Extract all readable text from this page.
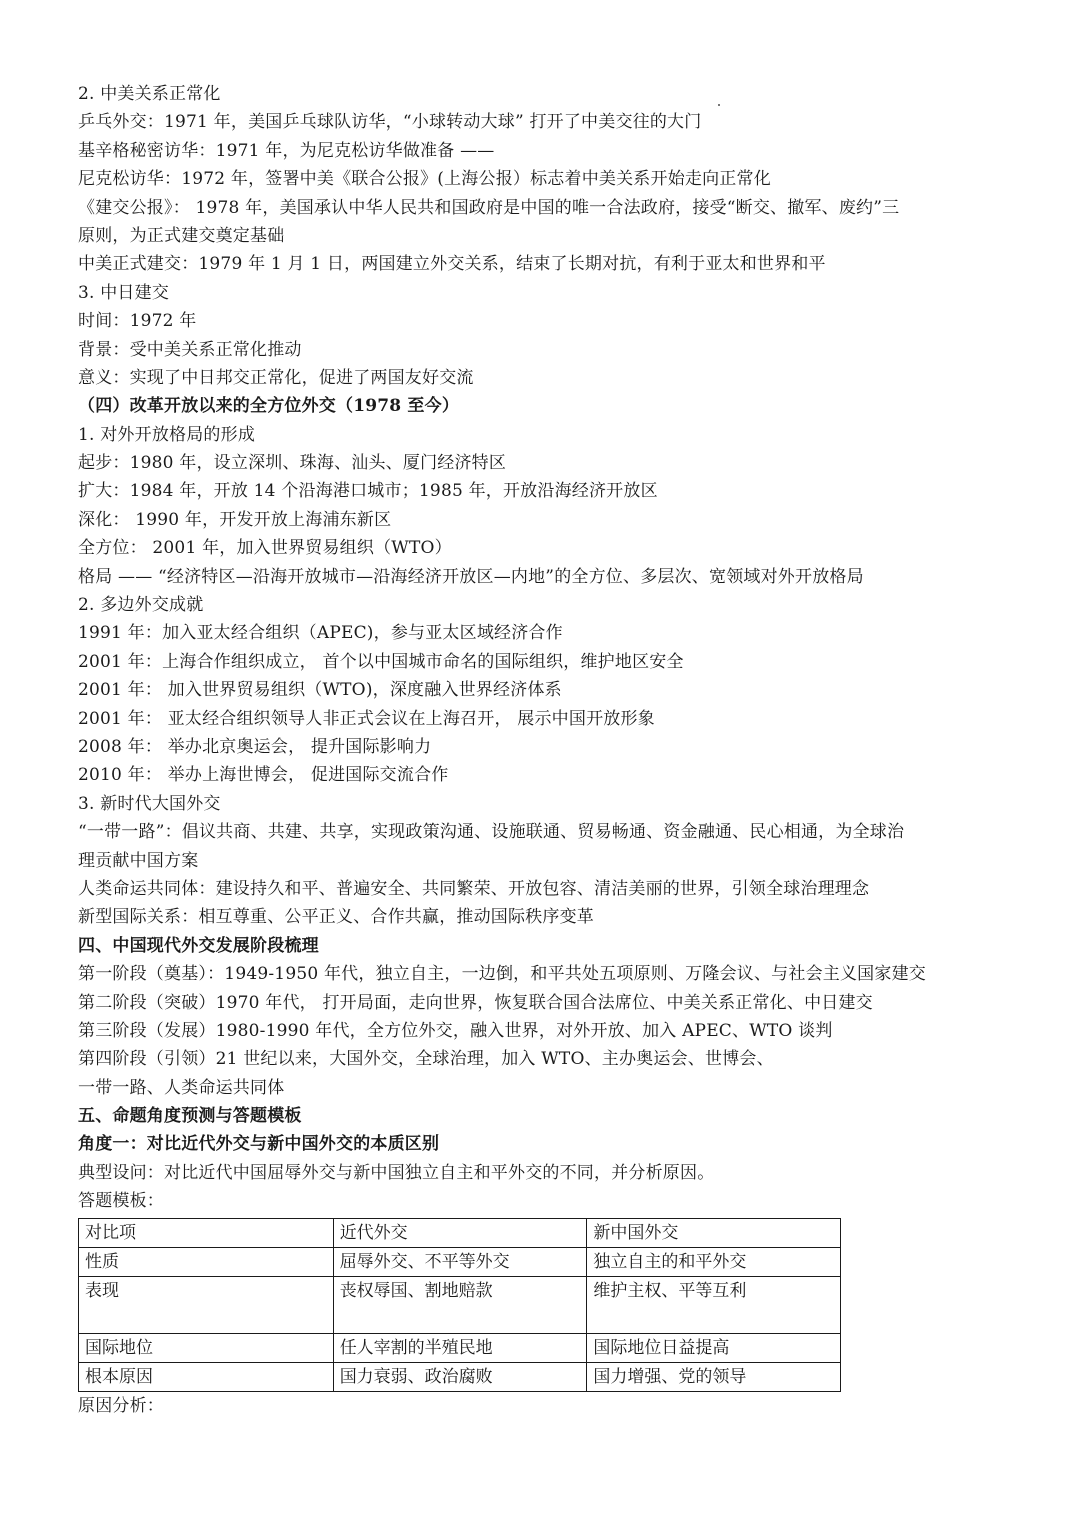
2. 中美关系正常化
乒乓外交：1971 年，美国乒乓球队访华，“小球转动大球” 打开了中美交往的大门
基辛格秘密访华：1971 年，为尼克松访华做准备 ——
尼克松访华：1972 年，签署中美《联合公报》(上海公报）标志着中美关系开始走向正常化
《建交公报》： 1978 年，美国承认中华人民共和国政府是中国的唯一合法政府，接受“断交、撤军、废约”三
原则，为正式建交奠定基础
中美正式建交：1979 年 1 月 1 日，两国建立外交关系，结束了长期对抗，有利于亚太和世界和平
3. 中日建交
时间：1972 年
背景：受中美关系正常化推动
意义：实现了中日邦交正常化，促进了两国友好交流
（四）改革开放以来的全方位外交（1978 至今）
1. 对外开放格局的形成
起步：1980 年，设立深圳、珠海、汕头、厦门经济特区
扩大：1984 年，开放 14 个沿海港口城市；1985 年，开放沿海经济开放区
深化： 1990 年，开发开放上海浦东新区
全方位： 2001 年，加入世界贸易组织（WTO）
格局 —— “经济特区—沿海开放城市—沿海经济开放区—内地”的全方位、多层次、宽领域对外开放格局
2. 多边外交成就
1991 年：加入亚太经合组织（APEC)，参与亚太区域经济合作
2001 年：上海合作组织成立， 首个以中国城市命名的国际组织，维护地区安全
2001 年： 加入世界贸易组织（WTO)，深度融入世界经济体系
2001 年： 亚太经合组织领导人非正式会议在上海召开， 展示中国开放形象
2008 年： 举办北京奥运会， 提升国际影响力
2010 年： 举办上海世博会， 促进国际交流合作
3. 新时代大国外交
“一带一路”：倡议共商、共建、共享，实现政策沟通、设施联通、贸易畅通、资金融通、民心相通，为全球治
理贡献中国方案
人类命运共同体：建设持久和平、普遍安全、共同繁荣、开放包容、清洁美丽的世界，引领全球治理理念
新型国际关系：相互尊重、公平正义、合作共赢，推动国际秩序变革
四、中国现代外交发展阶段梳理
第一阶段（奠基）：1949-1950 年代，独立自主，一边倒，和平共处五项原则、万隆会议、与社会主义国家建交
第二阶段（突破）1970 年代， 打开局面，走向世界，恢复联合国合法席位、中美关系正常化、中日建交
第三阶段（发展）1980-1990 年代，全方位外交，融入世界，对外开放、加入 APEC、WTO 谈判
第四阶段（引领）21 世纪以来，大国外交，全球治理，加入 WTO、主办奥运会、世博会、
一带一路、人类命运共同体
五、命题角度预测与答题模板
角度一：对比近代外交与新中国外交的本质区别
典型设问：对比近代中国屈辱外交与新中国独立自主和平外交的不同，并分析原因。
答题模板：
对比项	近代外交	新中国外交
性质	屈辱外交、不平等外交	独立自主的和平外交
表现	丧权辱国、割地赔款	维护主权、平等互利
国际地位	任人宰割的半殖民地	国际地位日益提高
根本原因	国力衰弱、政治腐败	国力增强、党的领导
原因分析：
